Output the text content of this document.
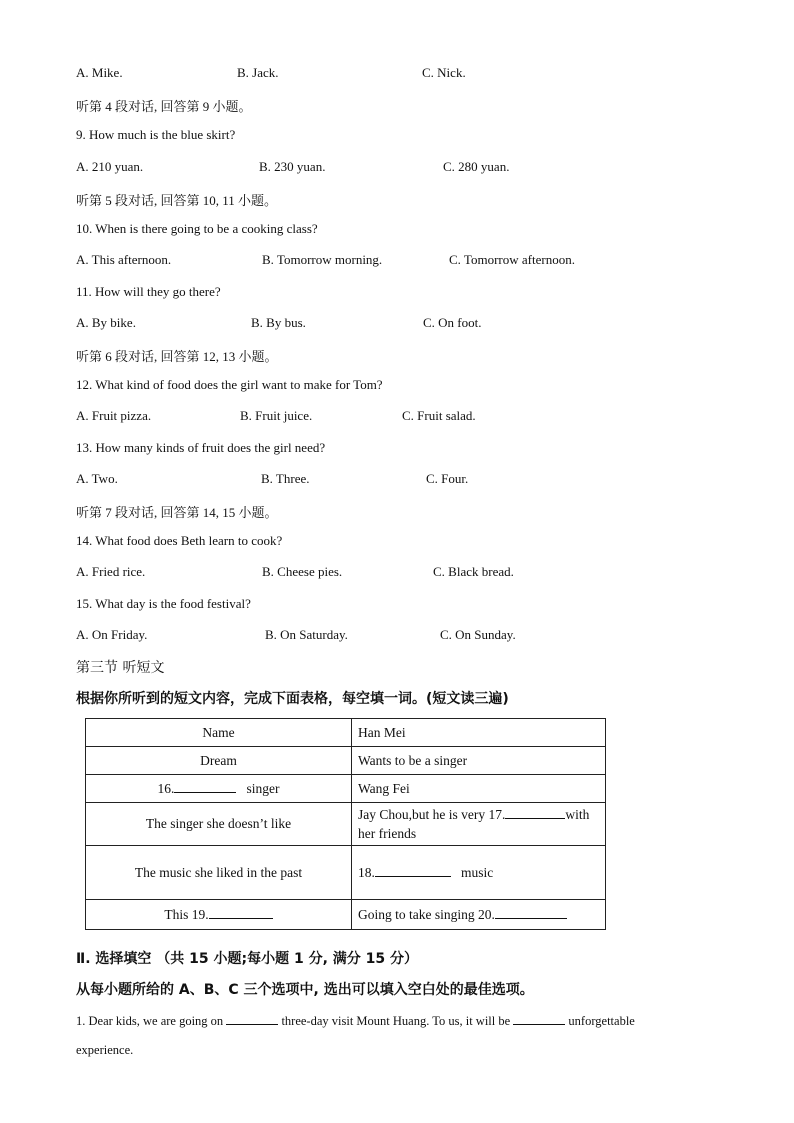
A. Mike.	B. Jack.	C. Nick.
听第 4 段对话, 回答第 9 小题。
9. How much is the blue skirt?
A. 210 yuan.	B. 230 yuan.	C. 280 yuan.
听第 5 段对话, 回答第 10, 11 小题。
10. When is there going to be a cooking class?
A. This afternoon.	B. Tomorrow morning.	C. Tomorrow afternoon.
11. How will they go there?
A. By bike.	B. By bus.	C. On foot.
听第 6 段对话, 回答第 12, 13 小题。
12. What kind of food does the girl want to make for Tom?
A. Fruit pizza.	B. Fruit juice.	C. Fruit salad.
13. How many kinds of fruit does the girl need?
A. Two.	B. Three.	C. Four.
听第 7 段对话, 回答第 14, 15 小题。
14. What food does Beth learn to cook?
A. Fried rice.	B. Cheese pies.	C. Black bread.
15. What day is the food festival?
A. On Friday.	B. On Saturday.	C. On Sunday.
第三节 听短文
根据你所听到的短文内容，完成下面表格，每空填一词。(短文读三遍)
Name	Han Mei
Dream	Wants to be a singer
16. singer	Wang Fei
The singer she doesn’t like	Jay Chou,but he is very 17. with
her friends
The music she liked in the past	18. music
This 19.	Going to take singing 20.
Ⅱ. 选择填空 （共 15 小题;每小题 1 分, 满分 15 分）
从每小题所给的 A、B、C 三个选项中, 选出可以填入空白处的最佳选项。
1. Dear kids, we are going on	three-day visit Mount Huang. To us, it will be	unforgettable
experience.
